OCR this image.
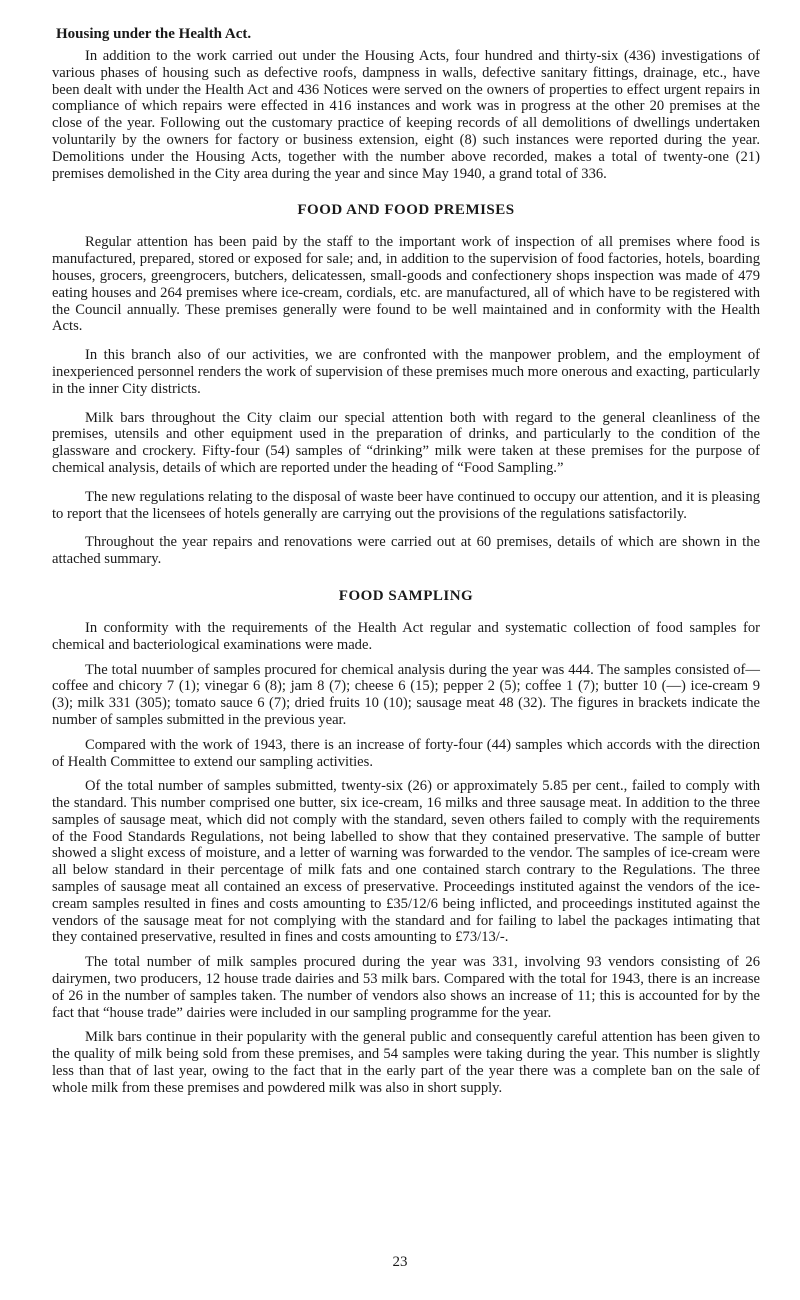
Housing under the Health Act.

In addition to the work carried out under the Housing Acts, four hundred and thirty-six (436) investigations of various phases of housing such as defective roofs, dampness in walls, defective sanitary fittings, drainage, etc., have been dealt with under the Health Act and 436 Notices were served on the owners of properties to effect urgent repairs in compliance of which repairs were effected in 416 instances and work was in progress at the other 20 premises at the close of the year. Following out the customary practice of keeping records of all demolitions of dwellings undertaken voluntarily by the owners for factory or business extension, eight (8) such instances were reported during the year. Demolitions under the Housing Acts, together with the number above recorded, makes a total of twenty-one (21) premises demolished in the City area during the year and since May 1940, a grand total of 336.

FOOD AND FOOD PREMISES

Regular attention has been paid by the staff to the important work of inspection of all premises where food is manufactured, prepared, stored or exposed for sale; and, in addition to the supervision of food factories, hotels, boarding houses, grocers, greengrocers, butchers, delicatessen, small-goods and confectionery shops inspection was made of 479 eating houses and 264 premises where ice-cream, cordials, etc. are manufactured, all of which have to be registered with the Council annually. These premises generally were found to be well maintained and in conformity with the Health Acts.

In this branch also of our activities, we are confronted with the manpower problem, and the employment of inexperienced personnel renders the work of supervision of these premises much more onerous and exacting, particularly in the inner City districts.

Milk bars throughout the City claim our special attention both with regard to the general cleanliness of the premises, utensils and other equipment used in the preparation of drinks, and particularly to the condition of the glassware and crockery. Fifty-four (54) samples of “drinking” milk were taken at these premises for the purpose of chemical analysis, details of which are reported under the heading of “Food Sampling.”

The new regulations relating to the disposal of waste beer have continued to occupy our attention, and it is pleasing to report that the licensees of hotels generally are carrying out the provisions of the regulations satisfactorily.

Throughout the year repairs and renovations were carried out at 60 premises, details of which are shown in the attached summary.

FOOD SAMPLING

In conformity with the requirements of the Health Act regular and systematic collection of food samples for chemical and bacteriological examinations were made.

The total nuumber of samples procured for chemical analysis during the year was 444. The samples consisted of—coffee and chicory 7 (1); vinegar 6 (8); jam 8 (7); cheese 6 (15); pepper 2 (5); coffee 1 (7); butter 10 (—) ice-cream 9 (3); milk 331 (305); tomato sauce 6 (7); dried fruits 10 (10); sausage meat 48 (32). The figures in brackets indicate the number of samples submitted in the previous year.

Compared with the work of 1943, there is an increase of forty-four (44) samples which accords with the direction of Health Committee to extend our sampling activities.

Of the total number of samples submitted, twenty-six (26) or approximately 5.85 per cent., failed to comply with the standard. This number comprised one butter, six ice-cream, 16 milks and three sausage meat. In addition to the three samples of sausage meat, which did not comply with the standard, seven others failed to comply with the requirements of the Food Standards Regulations, not being labelled to show that they contained preservative. The sample of butter showed a slight excess of moisture, and a letter of warning was forwarded to the vendor. The samples of ice-cream were all below standard in their percentage of milk fats and one contained starch contrary to the Regulations. The three samples of sausage meat all contained an excess of preservative. Proceedings instituted against the vendors of the ice-cream samples resulted in fines and costs amounting to £35/12/6 being inflicted, and proceedings instituted against the vendors of the sausage meat for not complying with the standard and for failing to label the packages intimating that they contained preservative, resulted in fines and costs amounting to £73/13/-.

The total number of milk samples procured during the year was 331, involving 93 vendors consisting of 26 dairymen, two producers, 12 house trade dairies and 53 milk bars. Compared with the total for 1943, there is an increase of 26 in the number of samples taken. The number of vendors also shows an increase of 11; this is accounted for by the fact that “house trade” dairies were included in our sampling programme for the year.

Milk bars continue in their popularity with the general public and consequently careful attention has been given to the quality of milk being sold from these premises, and 54 samples were taking during the year. This number is slightly less than that of last year, owing to the fact that in the early part of the year there was a complete ban on the sale of whole milk from these premises and powdered milk was also in short supply.

23
